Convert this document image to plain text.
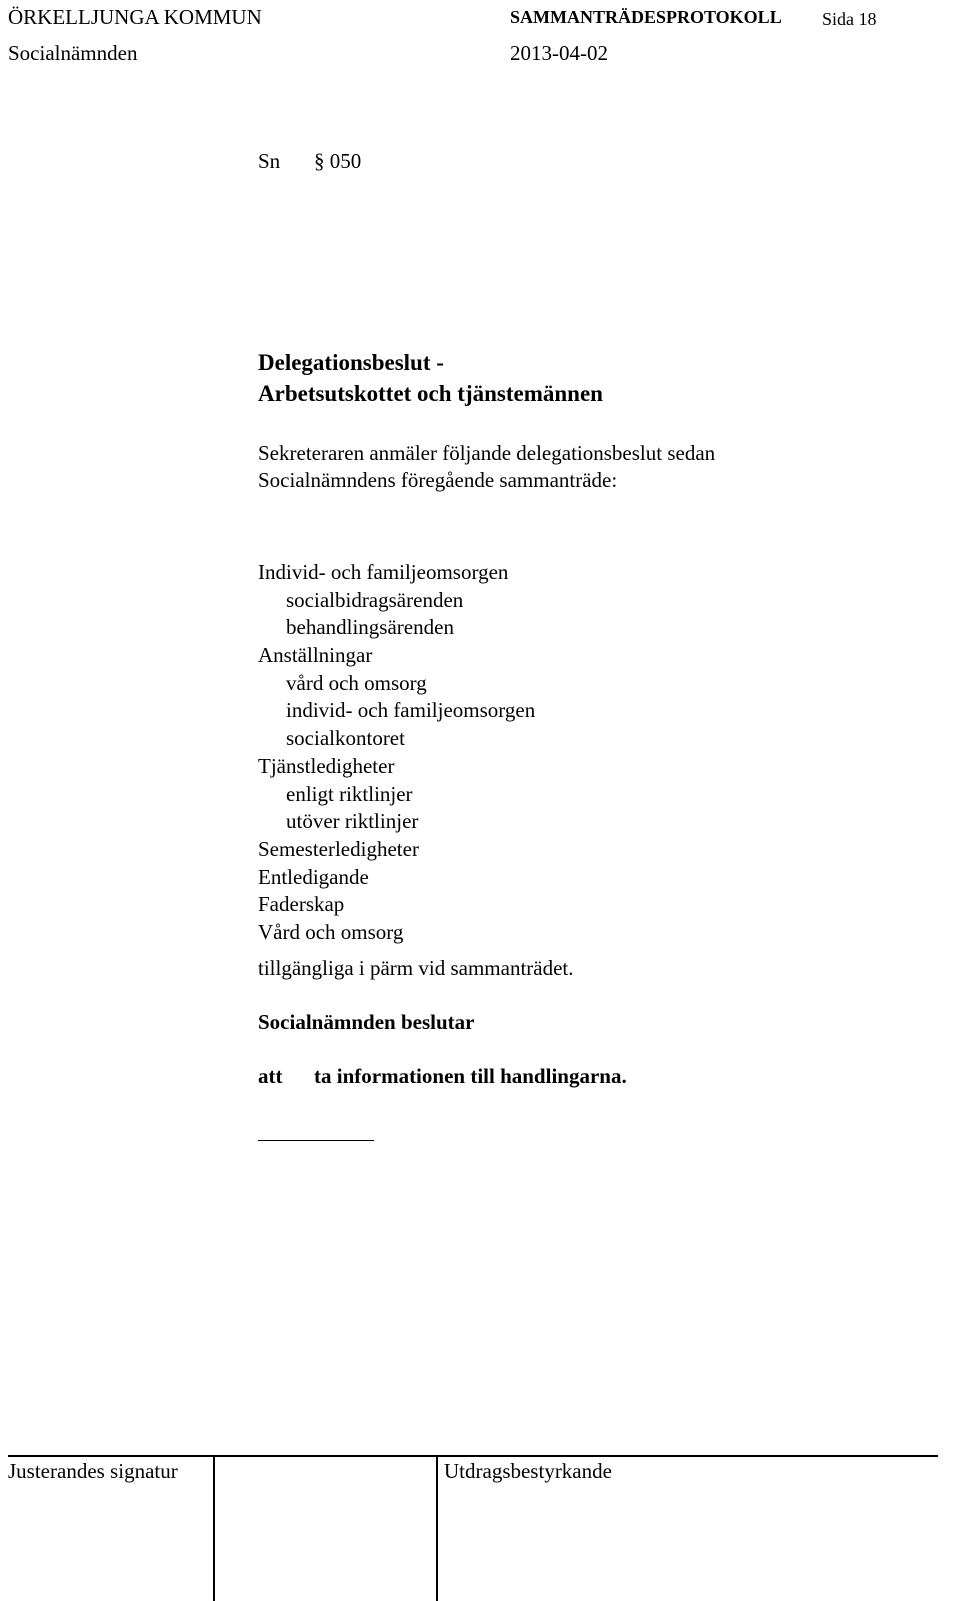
ÖRKELLJUNGA KOMMUN	SAMMANTRÄDESPROTOKOLL Sida 18
Socialnämnden	2013-04-02
Sn § 050
Delegationsbeslut -
Arbetsutskottet och tjänstemännen
Sekreteraren anmäler följande delegationsbeslut sedan
Socialnämndens föregående sammanträde:
Individ- och familjeomsorgen
socialbidragsärenden
behandlingsärenden
Anställningar
vård och omsorg
individ- och familjeomsorgen
socialkontoret
Tjänstledigheter
enligt riktlinjer
utöver riktlinjer
Semesterledigheter
Entledigande
Faderskap
Vård och omsorg
tillgängliga i pärm vid sammanträdet.
Socialnämnden beslutar
att ta informationen till handlingarna.
Justerandes signatur	Utdragsbestyrkande
